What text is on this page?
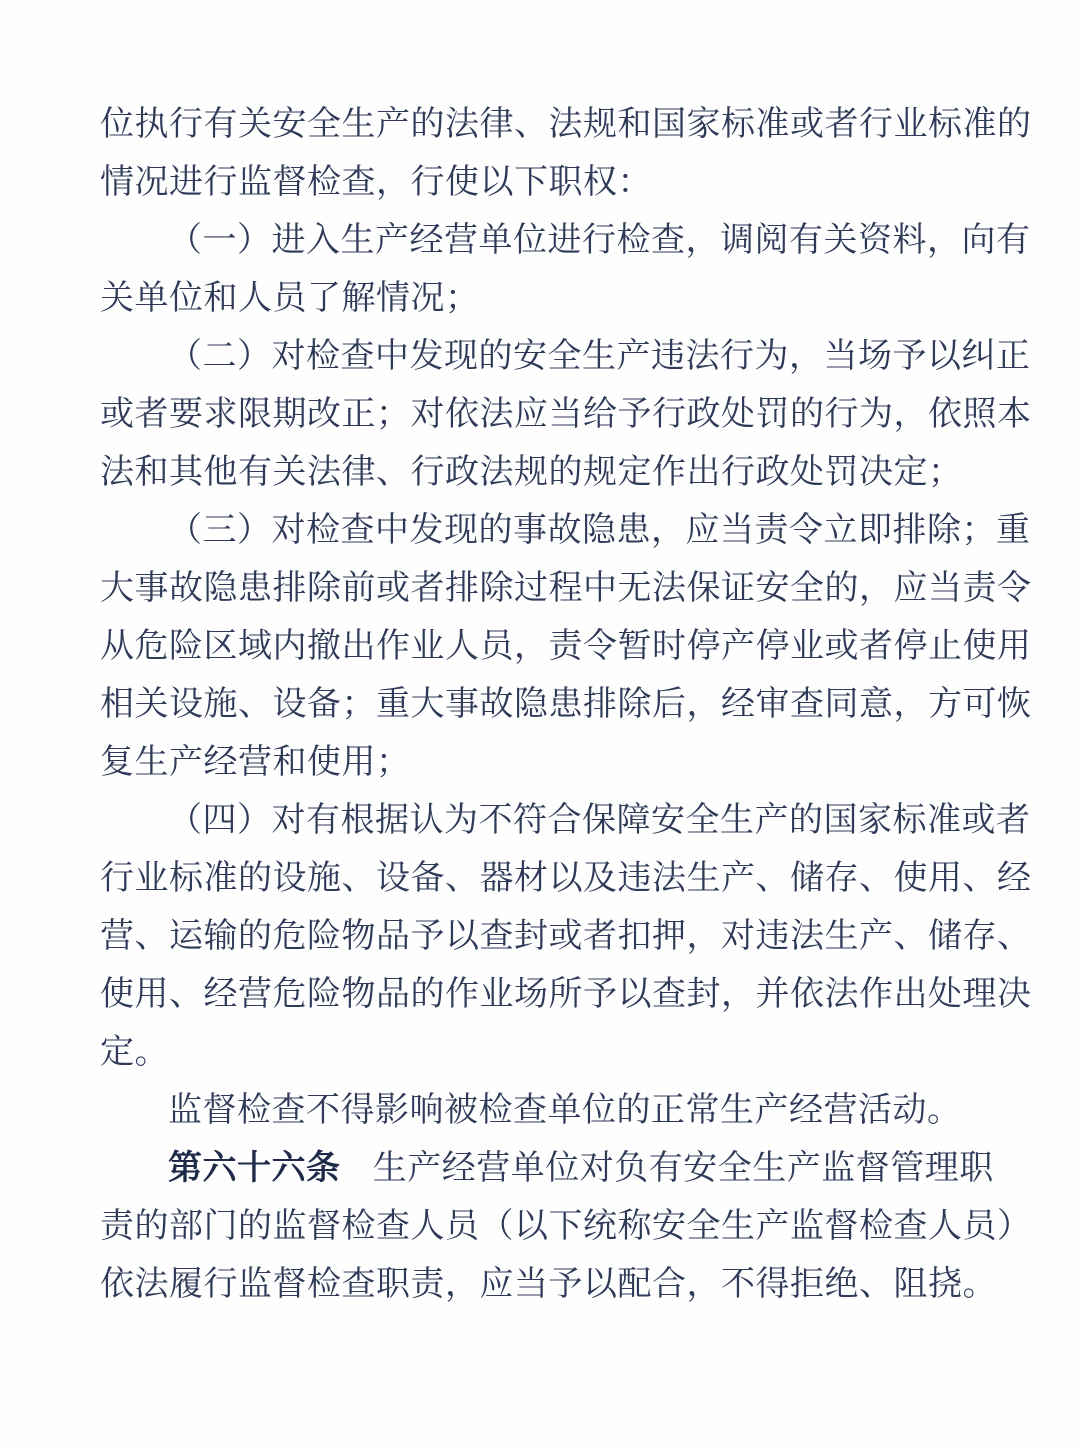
位执行有关安全生产的法律、法规和国家标准或者行业标准的
情况进行监督检查，行使以下职权：
（一）进入生产经营单位进行检查，调阅有关资料，向有
关单位和人员了解情况；
（二）对检查中发现的安全生产违法行为，当场予以纠正
或者要求限期改正；对依法应当给予行政处罚的行为，依照本
法和其他有关法律、行政法规的规定作出行政处罚决定；
（三）对检查中发现的事故隐患，应当责令立即排除；重
大事故隐患排除前或者排除过程中无法保证安全的，应当责令
从危险区域内撤出作业人员，责令暂时停产停业或者停止使用
相关设施、设备；重大事故隐患排除后，经审查同意，方可恢
复生产经营和使用；
（四）对有根据认为不符合保障安全生产的国家标准或者
行业标准的设施、设备、器材以及违法生产、储存、使用、经
营、运输的危险物品予以查封或者扣押，对违法生产、储存、
使用、经营危险物品的作业场所予以查封，并依法作出处理决
定。
监督检查不得影响被检查单位的正常生产经营活动。
第六十六条 生产经营单位对负有安全生产监督管理职
责的部门的监督检查人员（以下统称安全生产监督检查人员）
依法履行监督检查职责，应当予以配合，不得拒绝、阻挠。
